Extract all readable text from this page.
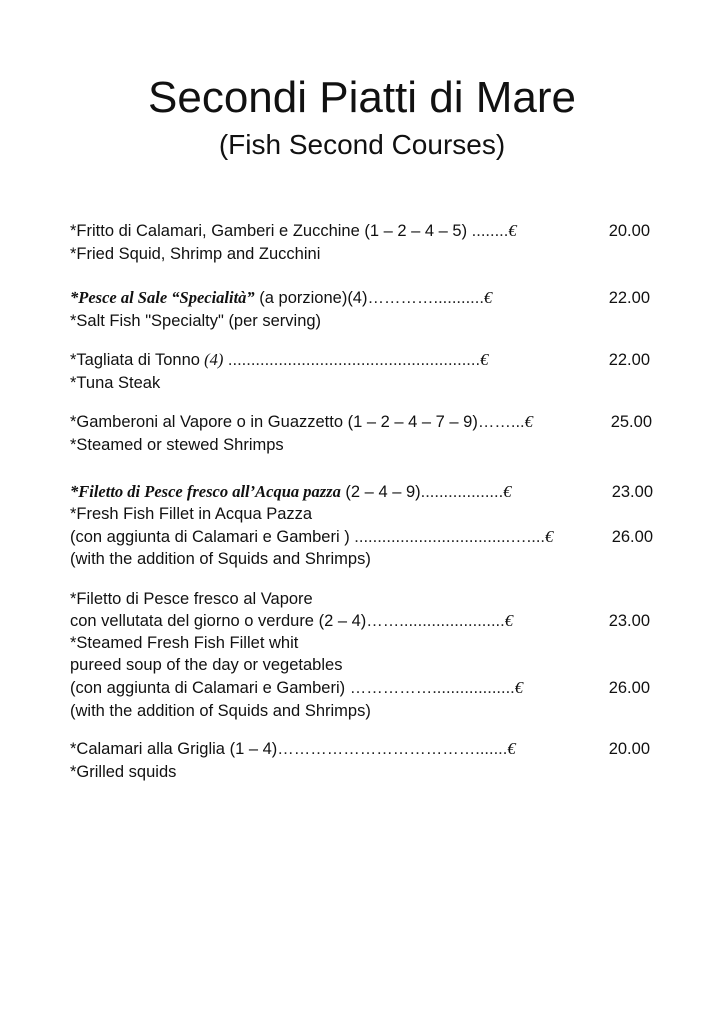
Secondi Piatti di Mare
(Fish Second Courses)
*Fritto di Calamari, Gamberi e Zucchine (1 – 2 – 4 – 5) ........€	20.00
*Fried Squid, Shrimp and Zucchini
*Pesce al Sale “Specialità” (a porzione)(4)…………...........€	22.00
*Salt Fish "Specialty" (per serving)
*Tagliata di Tonno (4) .......................................................€	22.00
*Tuna Steak
*Gamberoni al Vapore o in Guazzetto (1 – 2 – 4 – 7 – 9)……...€	25.00
*Steamed or stewed Shrimps
*Filetto di Pesce fresco all’Acqua pazza (2 – 4 – 9)..................€	23.00
*Fresh Fish Fillet in Acqua Pazza
(con aggiunta di Calamari e Gamberi ) ..................................…....€	26.00
(with the addition of Squids and Shrimps)
*Filetto di Pesce fresco al Vapore
con vellutata del giorno o verdure (2 – 4)…….......................€	23.00
*Steamed Fresh Fish Fillet whit
pureed soup of the day or vegetables
(con aggiunta di Calamari e Gamberi) ……………..................€	26.00
(with the addition of Squids and Shrimps)
*Calamari alla Griglia (1 – 4)……………………………….......€	20.00
*Grilled squids
